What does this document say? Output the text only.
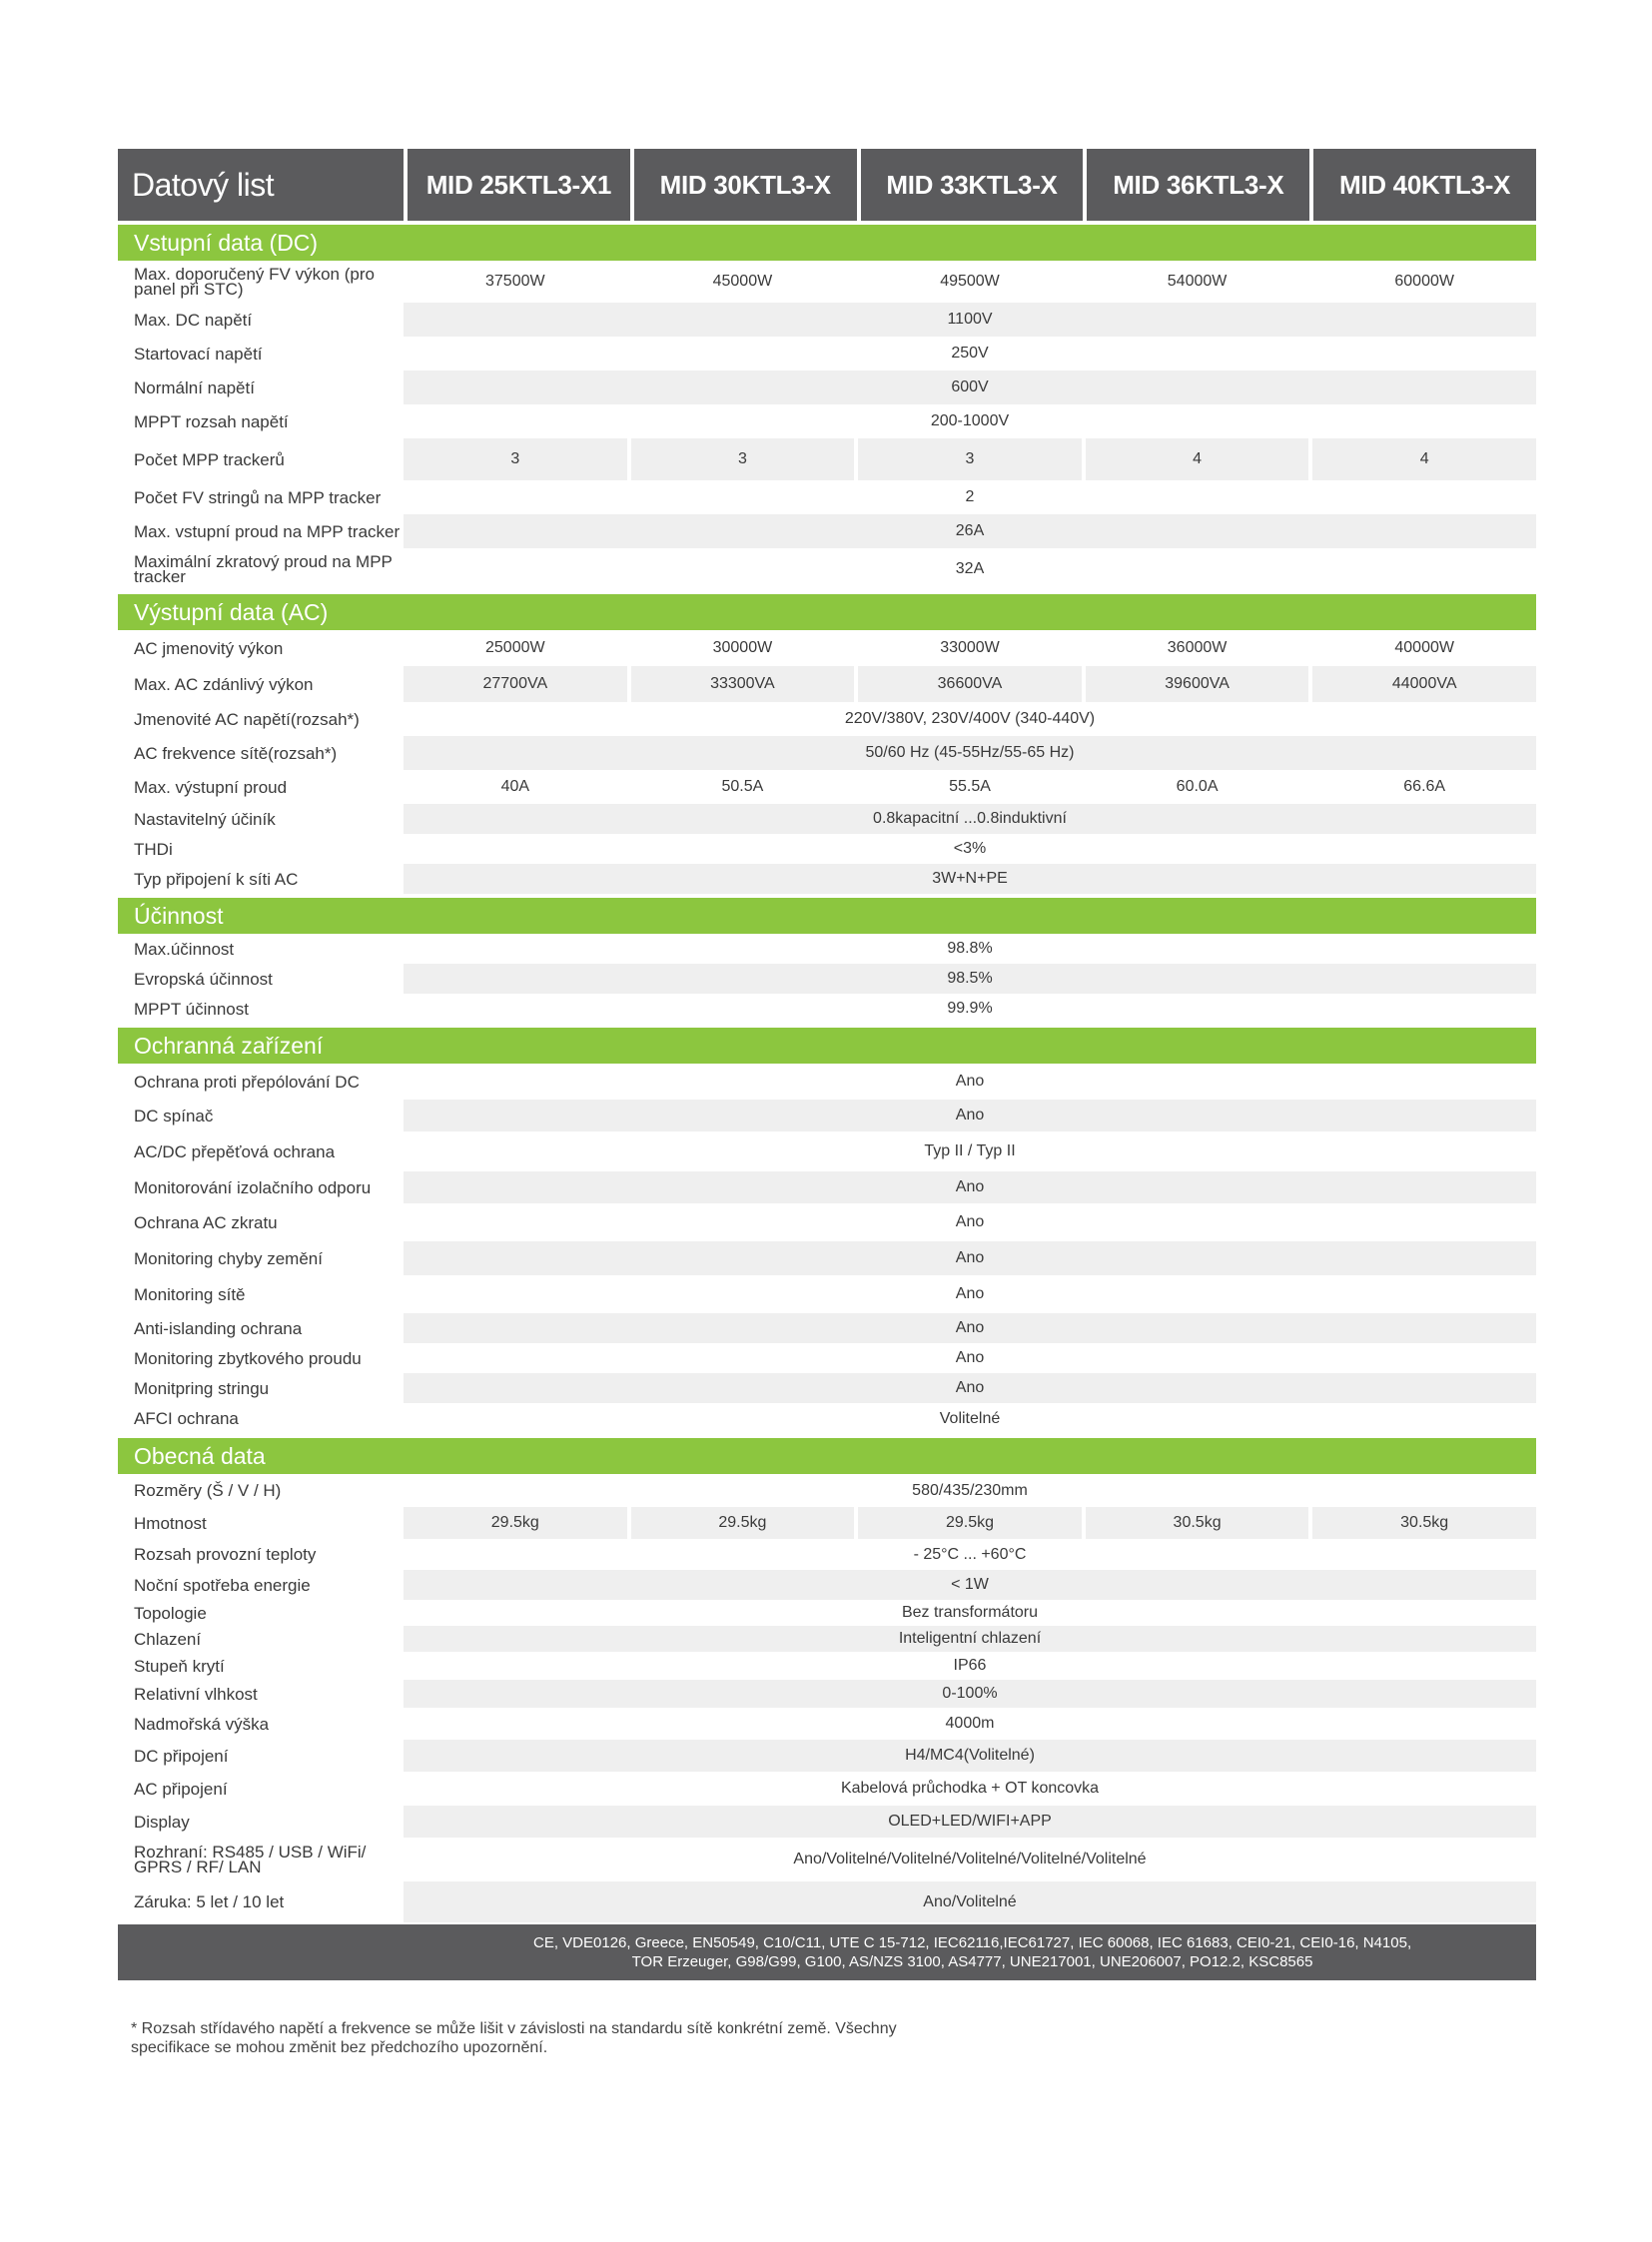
Datový list	MID 25KTL3-X1	MID 30KTL3-X	MID 33KTL3-X	MID 36KTL3-X	MID 40KTL3-X
Vstupní data (DC)
Max. doporučený FV výkon (pro panel při STC)	37500W	45000W	49500W	54000W	60000W
Max. DC napětí	1100V
Startovací napětí	250V
Normální napětí	600V
MPPT rozsah napětí	200-1000V
Počet MPP trackerů	3	3	3	4	4
Počet FV stringů na MPP tracker	2
Max. vstupní proud na MPP tracker	26A
Maximální zkratový proud na MPP tracker	32A
Výstupní data (AC)
AC jmenovitý výkon	25000W	30000W	33000W	36000W	40000W
Max. AC zdánlivý výkon	27700VA	33300VA	36600VA	39600VA	44000VA
Jmenovité AC napětí(rozsah*)	220V/380V, 230V/400V (340-440V)
AC frekvence sítě(rozsah*)	50/60 Hz (45-55Hz/55-65 Hz)
Max. výstupní proud	40A	50.5A	55.5A	60.0A	66.6A
Nastavitelný účiník	0.8kapacitní ...0.8induktivní
THDi	<3%
Typ připojení k síti AC	3W+N+PE
Účinnost
Max.účinnost	98.8%
Evropská účinnost	98.5%
MPPT účinnost	99.9%
Ochranná zařízení
Ochrana proti přepólování DC	Ano
DC spínač	Ano
AC/DC přepěťová ochrana	Typ II / Typ II
Monitorování izolačního odporu	Ano
Ochrana AC zkratu	Ano
Monitoring chyby zemění	Ano
Monitoring sítě	Ano
Anti-islanding ochrana	Ano
Monitoring zbytkového proudu	Ano
Monitpring stringu	Ano
AFCI ochrana	Volitelné
Obecná data
Rozměry (Š / V / H)	580/435/230mm
Hmotnost	29.5kg	29.5kg	29.5kg	30.5kg	30.5kg
Rozsah provozní teploty	- 25°C ... +60°C
Noční spotřeba energie	< 1W
Topologie	Bez transformátoru
Chlazení	Inteligentní chlazení
Stupeň krytí	IP66
Relativní vlhkost	0-100%
Nadmořská výška	4000m
DC připojení	H4/MC4(Volitelné)
AC připojení	Kabelová průchodka + OT koncovka
Display	OLED+LED/WIFI+APP
Rozhraní: RS485 / USB / WiFi/ GPRS / RF/ LAN	Ano/Volitelné/Volitelné/Volitelné/Volitelné/Volitelné
Záruka: 5 let / 10 let	Ano/Volitelné
CE, VDE0126, Greece, EN50549, C10/C11, UTE C 15-712, IEC62116,IEC61727, IEC 60068, IEC 61683, CEI0-21, CEI0-16, N4105,
TOR Erzeuger, G98/G99, G100, AS/NZS 3100, AS4777, UNE217001, UNE206007, PO12.2, KSC8565
* Rozsah střídavého napětí a frekvence se může lišit v závislosti na standardu sítě konkrétní země. Všechny
specifikace se mohou změnit bez předchozího upozornění.
